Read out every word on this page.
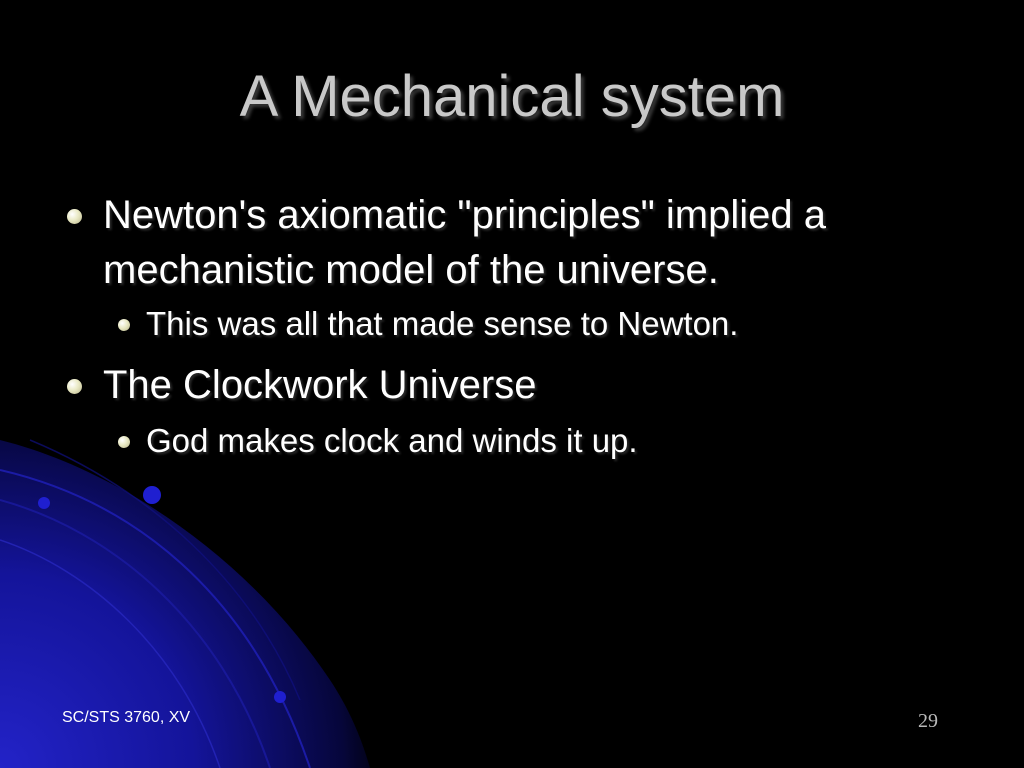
A Mechanical system
Newton's axiomatic "principles" implied a mechanistic model of the universe.
This was all that made sense to Newton.
The Clockwork Universe
God makes clock and winds it up.
SC/STS 3760, XV	29
